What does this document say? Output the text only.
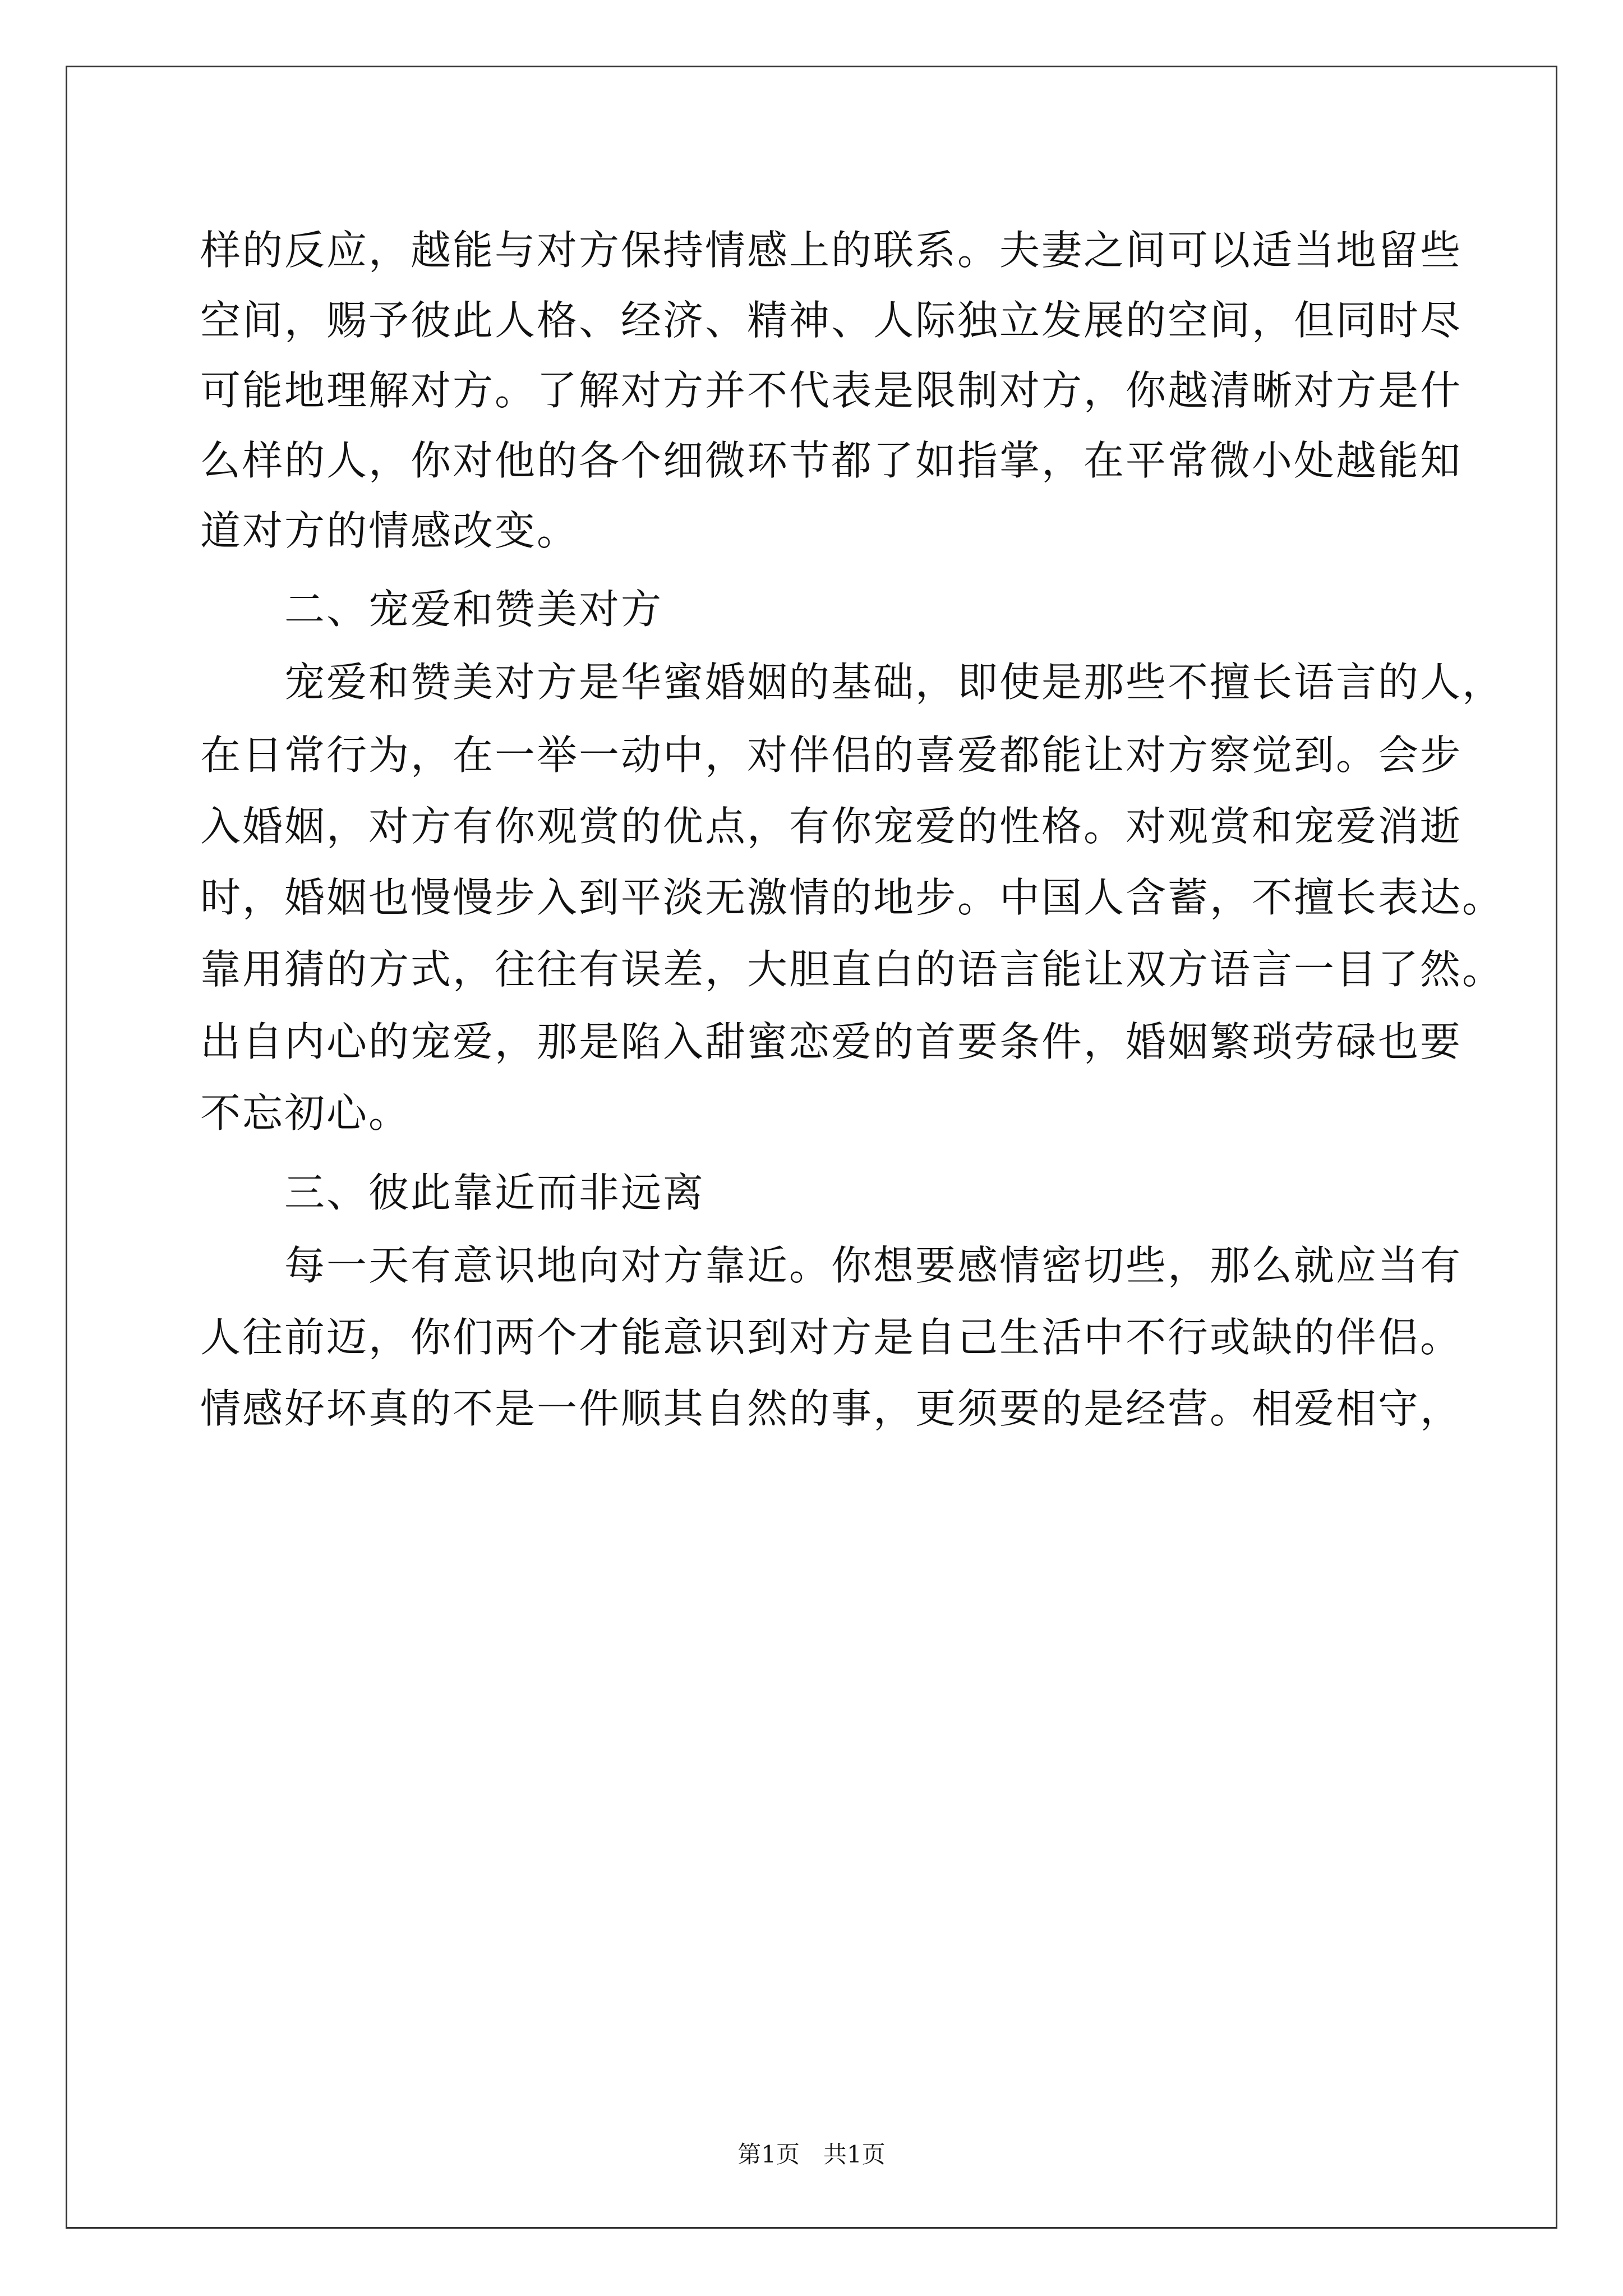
样的反应，越能与对方保持情感上的联系。夫妻之间可以适当地留些
空间，赐予彼此人格、经济、精神、人际独立发展的空间，但同时尽
可能地理解对方。了解对方并不代表是限制对方，你越清晰对方是什
么样的人，你对他的各个细微环节都了如指掌，在平常微小处越能知
道对方的情感改变。
二、宠爱和赞美对方
宠爱和赞美对方是华蜜婚姻的基础，即使是那些不擅长语言的人，
在日常行为，在一举一动中，对伴侣的喜爱都能让对方察觉到。会步
入婚姻，对方有你观赏的优点，有你宠爱的性格。对观赏和宠爱消逝
时，婚姻也慢慢步入到平淡无激情的地步。中国人含蓄，不擅长表达。
靠用猜的方式，往往有误差，大胆直白的语言能让双方语言一目了然。
出自内心的宠爱，那是陷入甜蜜恋爱的首要条件，婚姻繁琐劳碌也要
不忘初心。
三、彼此靠近而非远离
每一天有意识地向对方靠近。你想要感情密切些，那么就应当有
人往前迈，你们两个才能意识到对方是自己生活中不行或缺的伴侣。
情感好坏真的不是一件顺其自然的事，更须要的是经营。相爱相守，
第1页　共1页
